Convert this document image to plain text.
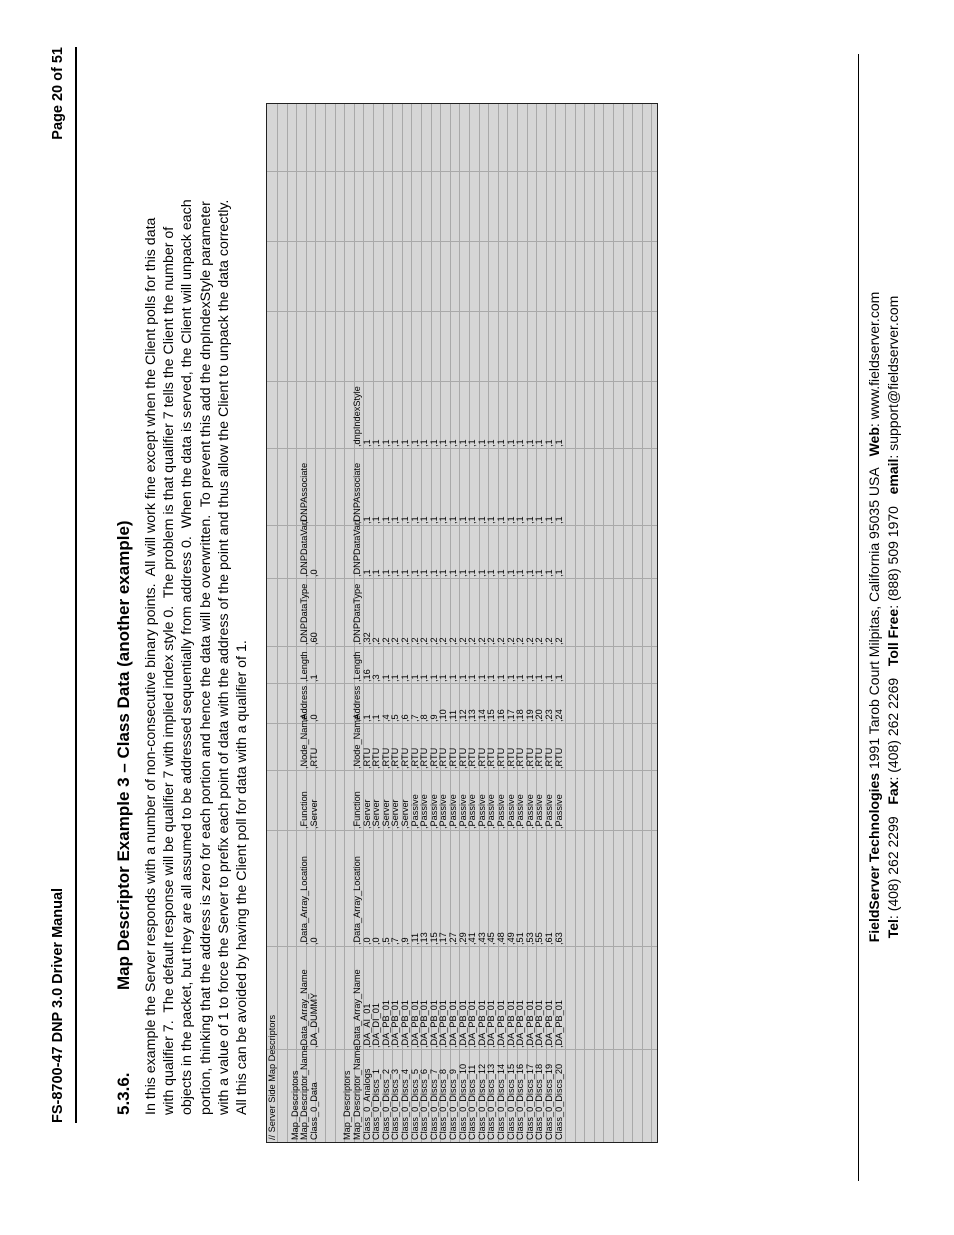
FS-8700-47 DNP 3.0 Driver Manual
Page 20 of 51
5.3.6.
Map Descriptor Example 3 – Class Data (another example) In this example the Server responds with a number of non-consecutive binary points.  All will work fine except when the Client polls for this data with qualifier 7.  The default response will be qualifier 7 with implied index style 0.  The problem is that qualifier 7 tells the Client the number of objects in the packet, but they are all assumed to be addressed sequentially from address 0.  When the data is served, the Client will unpack each portion, thinking that the address is zero for each portion and hence the data will be overwritten.  To prevent this add the dnpIndexStyle parameter with a value of 1 to force the Server to prefix each point of data with the address of the point and thus allow the Client to unpack the data correctly. All this can be avoided by having the Client poll for data with a qualifier of 1. // Server Side Map Descriptors Map_Descriptors Map_Descriptor_Name
,Data_Array_Name
,Data_Array_Location
,Function
,Node_Name
,Address
,Length
,DNPDataType
,DNPDataVari
,DNPAssociate
Class_0_Data
,DA_DUMMY
,0
,Server
,RTU
,0
,1
,60
,0
Map_Descriptors Map_Descriptor_Name
,Data_Array_Name
,Data_Array_Location
,Function
,Node_Name
,Address
,Length
,DNPDataType
,DNPDataVari
,DNPAssociate
,dnpIndexStyle
Class_0_Analogs
,DA_AI_01
,0
,Server
,RTU
,1
,16
,32
,1
,1
,1
Class_0_Discs_1
,DA_DI_01
,0
,Server
,RTU
,1
,3
,2
,1
,1
,1
Class_0_Discs_2
,DA_PB_01
,5
,Server
,RTU
,4
,1
,2
,1
,1
,1
Class_0_Discs_3
,DA_PB_01
,7
,Server
,RTU
,5
,1
,2
,1
,1
,1
Class_0_Discs_4
,DA_PB_01
,9
,Server
,RTU
,6
,1
,2
,1
,1
,1
Class_0_Discs_5
,DA_PB_01
,11
,Passive
,RTU
,7
,1
,2
,1
,1
,1
Class_0_Discs_6
,DA_PB_01
,13
,Passive
,RTU
,8
,1
,2
,1
,1
,1
Class_0_Discs_7
,DA_PB_01
,15
,Passive
,RTU
,9
,1
,2
,1
,1
,1
Class_0_Discs_8
,DA_PB_01
,17
,Passive
,RTU
,10
,1
,2
,1
,1
,1
Class_0_Discs_9
,DA_PB_01
,27
,Passive
,RTU
,11
,1
,2
,1
,1
,1
Class_0_Discs_10
,DA_PB_01
,29
,Passive
,RTU
,12
,1
,2
,1
,1
,1
Class_0_Discs_11
,DA_PB_01
,41
,Passive
,RTU
,13
,1
,2
,1
,1
,1
Class_0_Discs_12
,DA_PB_01
,43
,Passive
,RTU
,14
,1
,2
,1
,1
,1
Class_0_Discs_13
,DA_PB_01
,45
,Passive
,RTU
,15
,1
,2
,1
,1
,1
Class_0_Discs_14
,DA_PB_01
,48
,Passive
,RTU
,16
,1
,2
,1
,1
,1
Class_0_Discs_15
,DA_PB_01
,49
,Passive
,RTU
,17
,1
,2
,1
,1
,1
Class_0_Discs_16
,DA_PB_01
,51
,Passive
,RTU
,18
,1
,2
,1
,1
,1
Class_0_Discs_17
,DA_PB_01
,53
,Passive
,RTU
,19
,1
,2
,1
,1
,1
Class_0_Discs_18
,DA_PB_01
,55
,Passive
,RTU
,20
,1
,2
,1
,1
,1
Class_0_Discs_19
,DA_PB_01
,61
,Passive
,RTU
,23
,1
,2
,1
,1
,1
Class_0_Discs_20
,DA_PB_01
,63
,Passive
,RTU
,24
,1
,2
,1
,1
,1
FieldServer Technologies 1991 Tarob Court Milpitas, California 95035 USA   Web: www.fieldserver.com
Tel: (408) 262 2299   Fax: (408) 262 2269   Toll Free: (888) 509 1970   email: support@fieldserver.com
